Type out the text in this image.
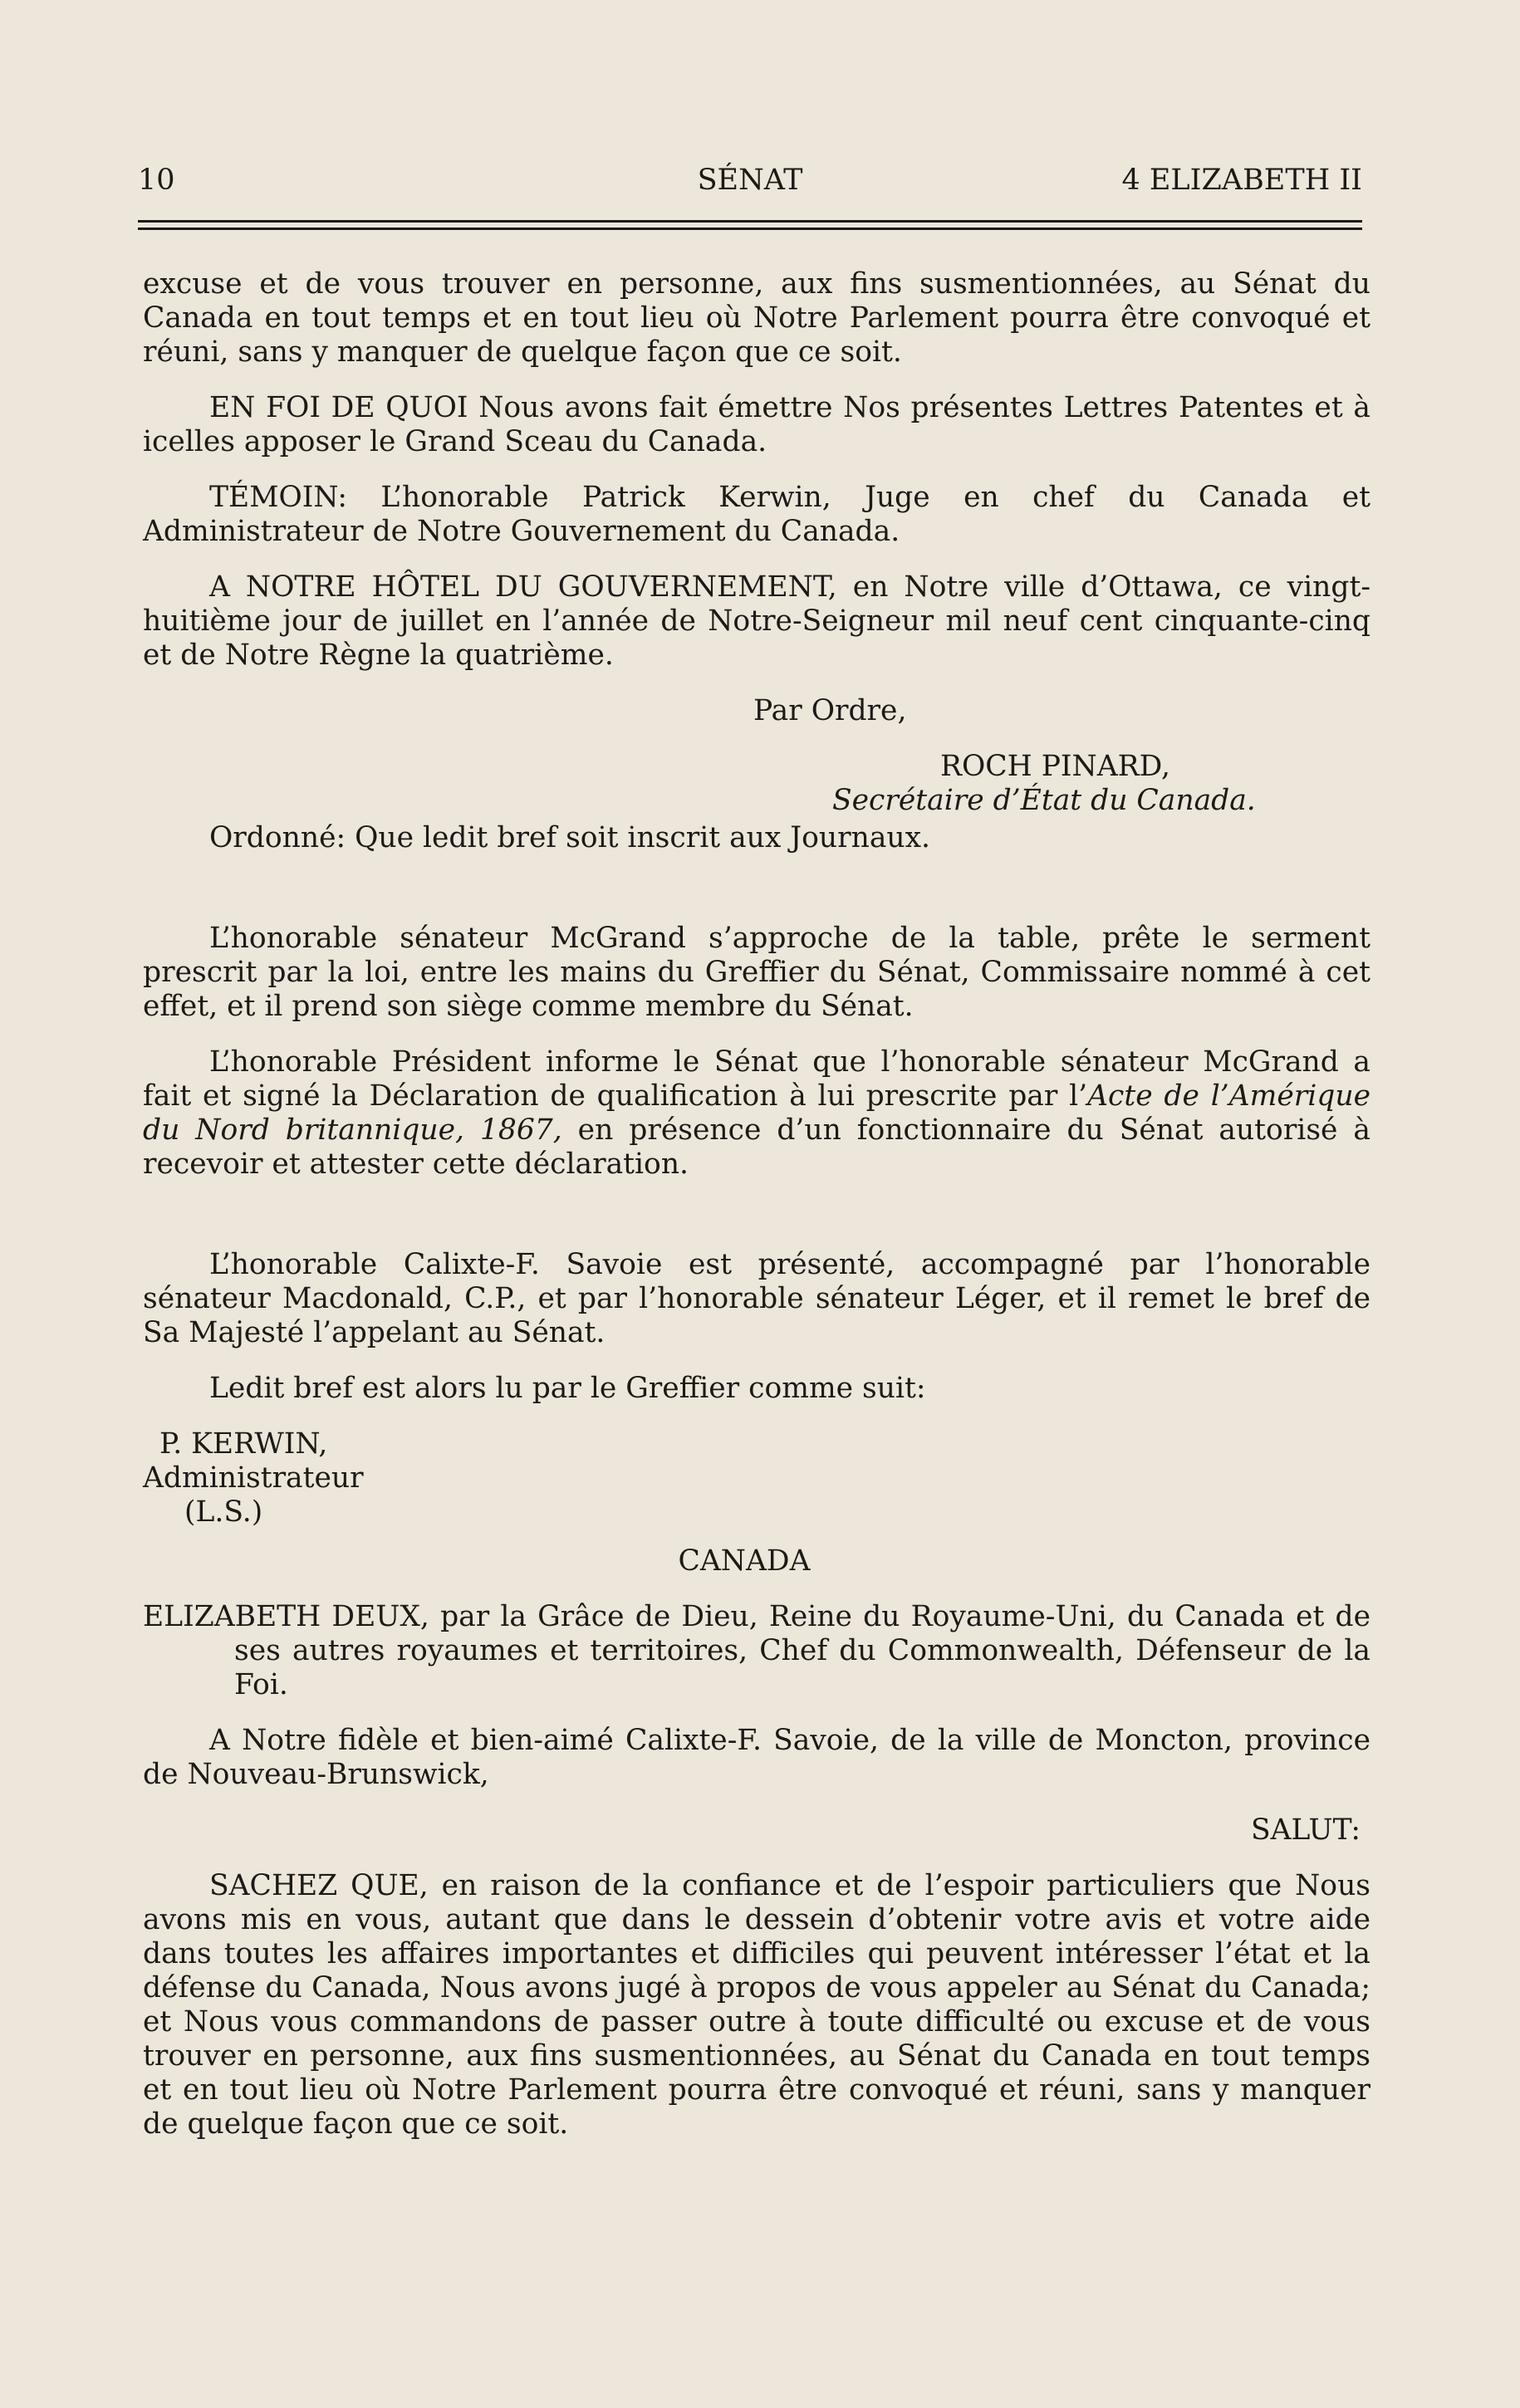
10	SÉNAT	4 ELIZABETH II

excuse et de vous trouver en personne, aux fins susmentionnées, au Sénat du Canada en tout temps et en tout lieu où Notre Parlement pourra être convoqué et réuni, sans y manquer de quelque façon que ce soit.

EN FOI DE QUOI Nous avons fait émettre Nos présentes Lettres Patentes et à icelles apposer le Grand Sceau du Canada.

TÉMOIN: L’honorable Patrick Kerwin, Juge en chef du Canada et Administrateur de Notre Gouvernement du Canada.

A NOTRE HÔTEL DU GOUVERNEMENT, en Notre ville d’Ottawa, ce vingt-huitième jour de juillet en l’année de Notre-Seigneur mil neuf cent cinquante-cinq et de Notre Règne la quatrième.

Par Ordre,

ROCH PINARD,

Secrétaire d’État du Canada.

Ordonné: Que ledit bref soit inscrit aux Journaux.

L’honorable sénateur McGrand s’approche de la table, prête le serment prescrit par la loi, entre les mains du Greffier du Sénat, Commissaire nommé à cet effet, et il prend son siège comme membre du Sénat.

L’honorable Président informe le Sénat que l’honorable sénateur McGrand a fait et signé la Déclaration de qualification à lui prescrite par l’Acte de l’Amérique du Nord britannique, 1867, en présence d’un fonctionnaire du Sénat autorisé à recevoir et attester cette déclaration.

L’honorable Calixte-F. Savoie est présenté, accompagné par l’honorable sénateur Macdonald, C.P., et par l’honorable sénateur Léger, et il remet le bref de Sa Majesté l’appelant au Sénat.

Ledit bref est alors lu par le Greffier comme suit:

P. KERWIN,

Administrateur

(L.S.)

CANADA

ELIZABETH DEUX, par la Grâce de Dieu, Reine du Royaume-Uni, du Canada et de ses autres royaumes et territoires, Chef du Commonwealth, Défenseur de la Foi.

A Notre fidèle et bien-aimé Calixte-F. Savoie, de la ville de Moncton, province de Nouveau-Brunswick,

SALUT:

SACHEZ QUE, en raison de la confiance et de l’espoir particuliers que Nous avons mis en vous, autant que dans le dessein d’obtenir votre avis et votre aide dans toutes les affaires importantes et difficiles qui peuvent intéresser l’état et la défense du Canada, Nous avons jugé à propos de vous appeler au Sénat du Canada; et Nous vous commandons de passer outre à toute difficulté ou excuse et de vous trouver en personne, aux fins susmentionnées, au Sénat du Canada en tout temps et en tout lieu où Notre Parlement pourra être convoqué et réuni, sans y manquer de quelque façon que ce soit.
